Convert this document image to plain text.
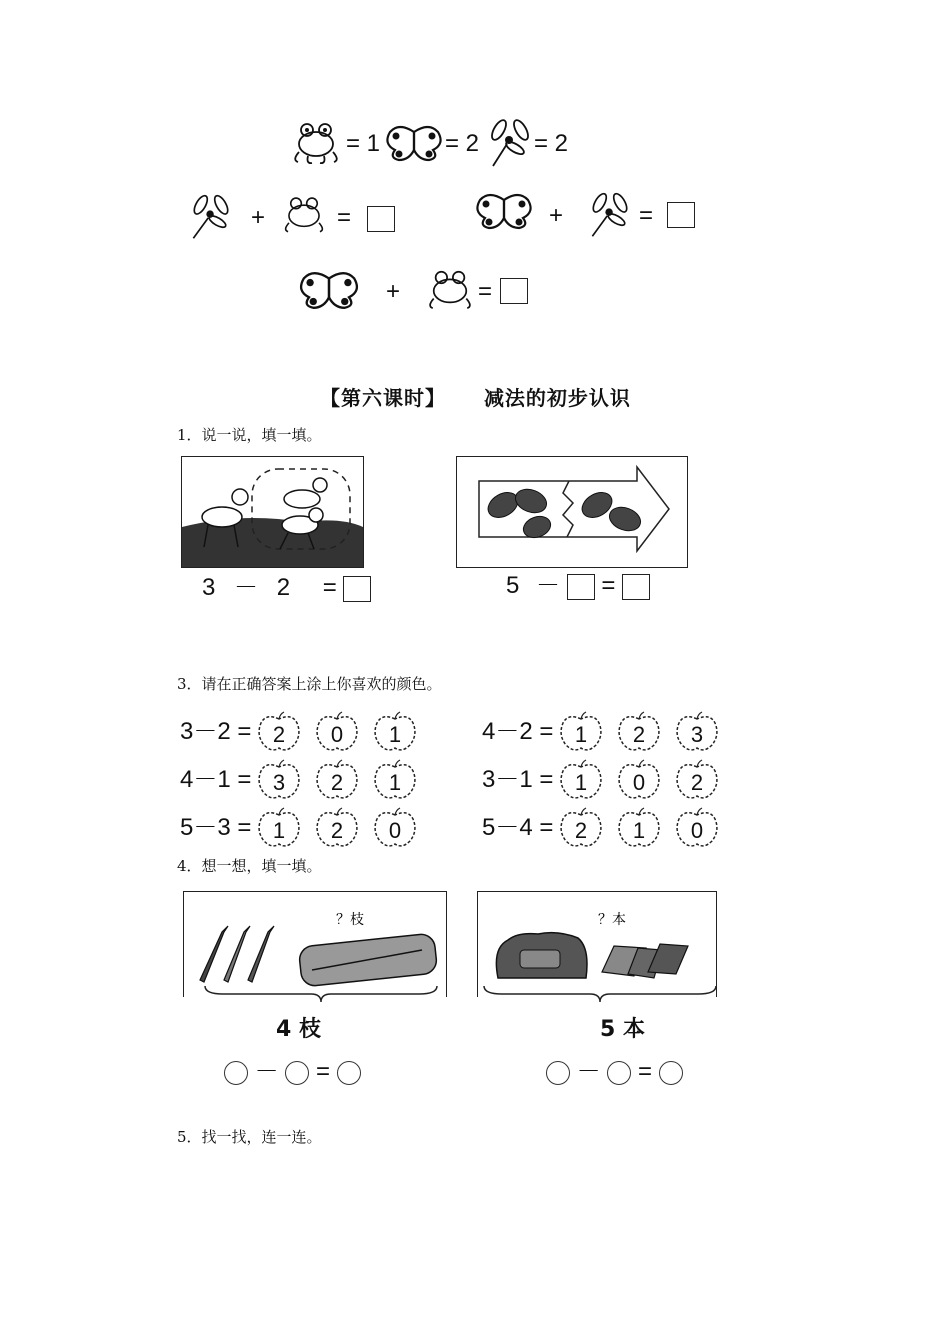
= 1	= 2 = 2
+	=	+	=
+	=
【第六课时】 减法的初步认识
1．说一说，填一填。
3 － 2 =	5 － =
3．请在正确答案上涂上你喜欢的颜色。
3－2 = 2	0	1
4－1 = 3	2	1
5－3 = 1	2	0
4－2 = 1	2	3
3－1 = 1	0	2
5－4 = 2	1	0
4．想一想，填一填。
？枝
4 枝
－ =
？本
5 本
－ =
5．找一找，连一连。
